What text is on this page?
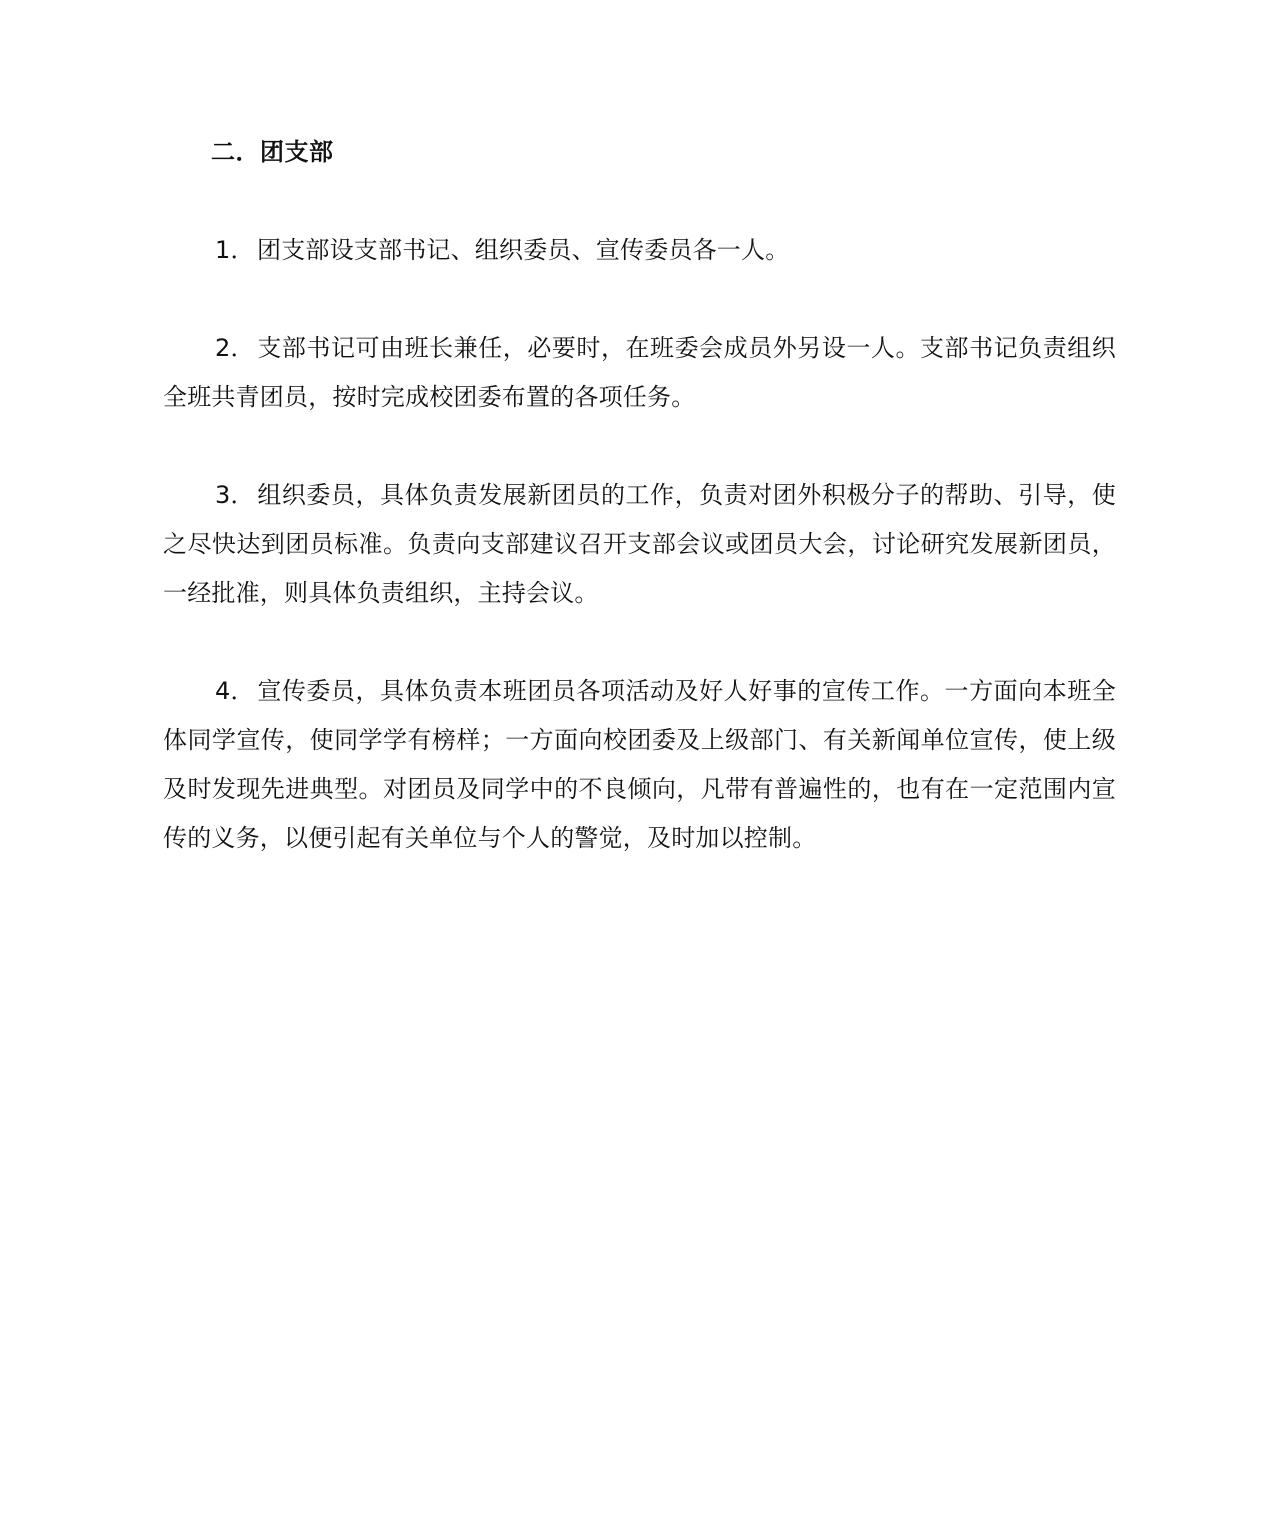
二．团支部

1．团支部设支部书记、组织委员、宣传委员各一人。

2．支部书记可由班长兼任，必要时，在班委会成员外另设一人。支部书记负责组织全班共青团员，按时完成校团委布置的各项任务。

3．组织委员，具体负责发展新团员的工作，负责对团外积极分子的帮助、引导，使之尽快达到团员标准。负责向支部建议召开支部会议或团员大会，讨论研究发展新团员，一经批准，则具体负责组织，主持会议。

4．宣传委员，具体负责本班团员各项活动及好人好事的宣传工作。一方面向本班全体同学宣传，使同学学有榜样；一方面向校团委及上级部门、有关新闻单位宣传，使上级及时发现先进典型。对团员及同学中的不良倾向，凡带有普遍性的，也有在一定范围内宣传的义务，以便引起有关单位与个人的警觉，及时加以控制。
